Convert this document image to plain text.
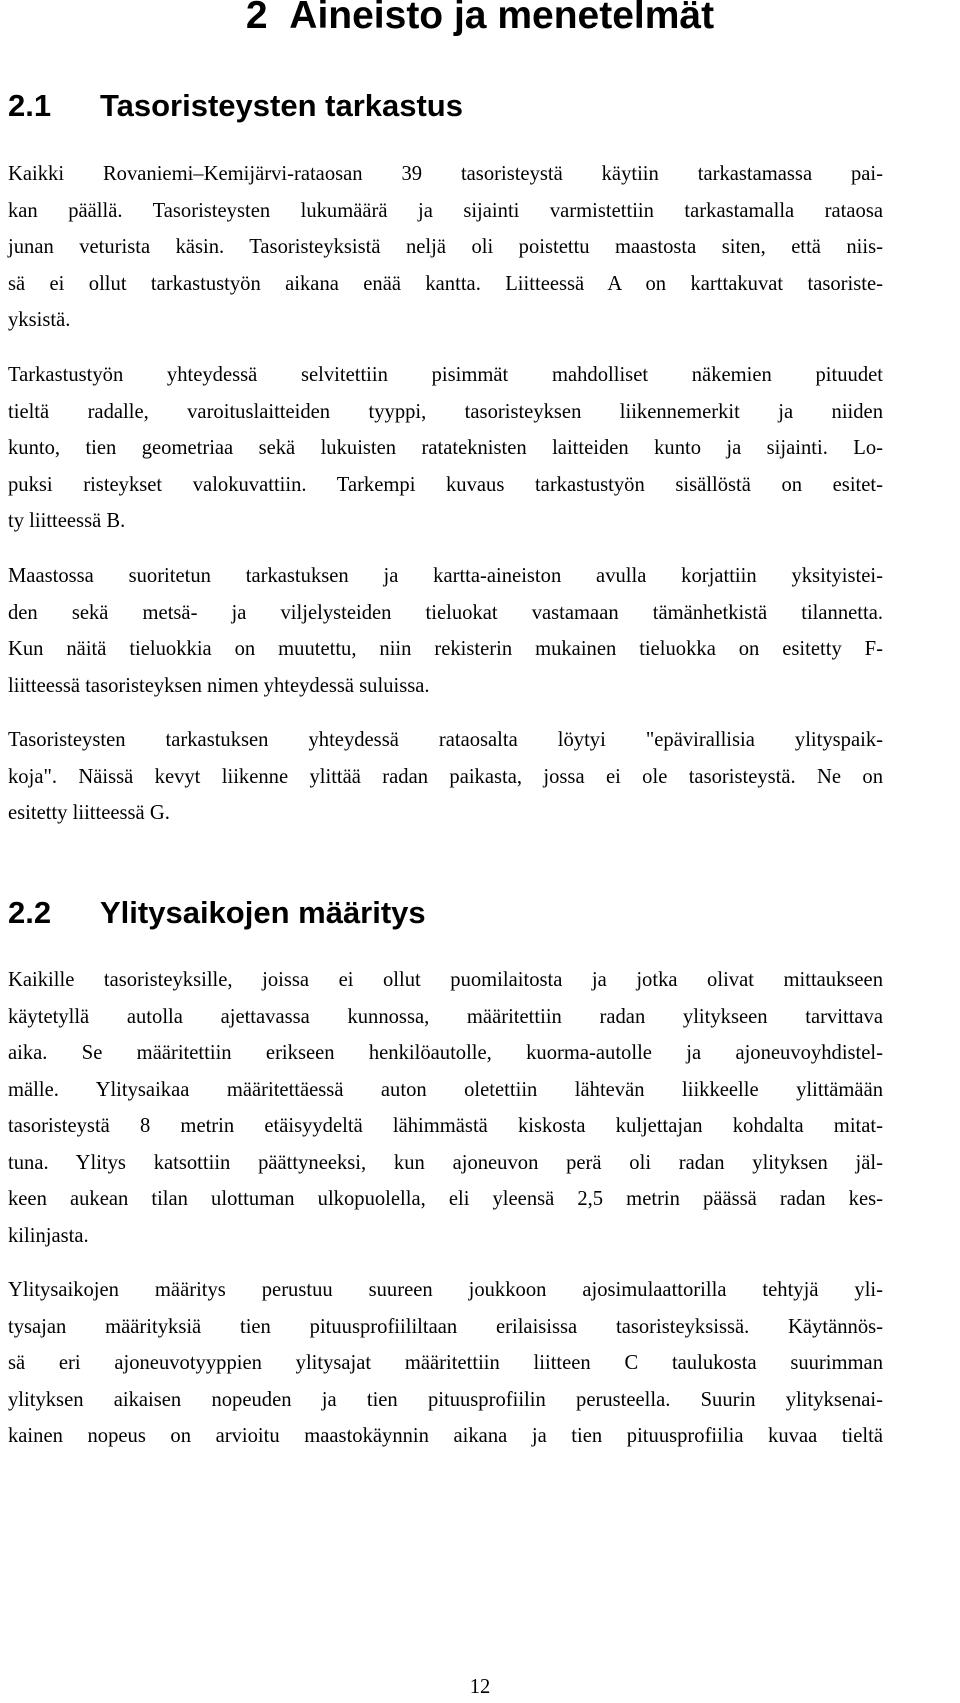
2 Aineisto ja menetelmät
2.1 Tasoristeysten tarkastus
Kaikki Rovaniemi–Kemijärvi-rataosan 39 tasoristeystä käytiin tarkastamassa pai-
kan päällä. Tasoristeysten lukumäärä ja sijainti varmistettiin tarkastamalla rataosa
junan veturista käsin. Tasoristeyksistä neljä oli poistettu maastosta siten, että niis-
sä ei ollut tarkastustyön aikana enää kantta. Liitteessä A on karttakuvat tasoriste-
yksistä.
Tarkastustyön yhteydessä selvitettiin pisimmät mahdolliset näkemien pituudet
tieltä radalle, varoituslaitteiden tyyppi, tasoristeyksen liikennemerkit ja niiden
kunto, tien geometriaa sekä lukuisten ratateknisten laitteiden kunto ja sijainti. Lo-
puksi risteykset valokuvattiin. Tarkempi kuvaus tarkastustyön sisällöstä on esitet-
ty liitteessä B.
Maastossa suoritetun tarkastuksen ja kartta-aineiston avulla korjattiin yksityistei-
den sekä metsä- ja viljelysteiden tieluokat vastamaan tämänhetkistä tilannetta.
Kun näitä tieluokkia on muutettu, niin rekisterin mukainen tieluokka on esitetty F-
liitteessä tasoristeyksen nimen yhteydessä suluissa.
Tasoristeysten tarkastuksen yhteydessä rataosalta löytyi "epävirallisia ylityspaik-
koja". Näissä kevyt liikenne ylittää radan paikasta, jossa ei ole tasoristeystä. Ne on
esitetty liitteessä G.
2.2 Ylitysaikojen määritys
Kaikille tasoristeyksille, joissa ei ollut puomilaitosta ja jotka olivat mittaukseen
käytetyllä autolla ajettavassa kunnossa, määritettiin radan ylitykseen tarvittava
aika. Se määritettiin erikseen henkilöautolle, kuorma-autolle ja ajoneuvoyhdistel-
mälle. Ylitysaikaa määritettäessä auton oletettiin lähtevän liikkeelle ylittämään
tasoristeystä 8 metrin etäisyydeltä lähimmästä kiskosta kuljettajan kohdalta mitat-
tuna. Ylitys katsottiin päättyneeksi, kun ajoneuvon perä oli radan ylityksen jäl-
keen aukean tilan ulottuman ulkopuolella, eli yleensä 2,5 metrin päässä radan kes-
kilinjasta.
Ylitysaikojen määritys perustuu suureen joukkoon ajosimulaattorilla tehtyjä yli-
tysajan määrityksiä tien pituusprofiililtaan erilaisissa tasoristeyksissä. Käytännös-
sä eri ajoneuvotyyppien ylitysajat määritettiin liitteen C taulukosta suurimman
ylityksen aikaisen nopeuden ja tien pituusprofiilin perusteella. Suurin ylityksenai-
kainen nopeus on arvioitu maastokäynnin aikana ja tien pituusprofiilia kuvaa tieltä
12
